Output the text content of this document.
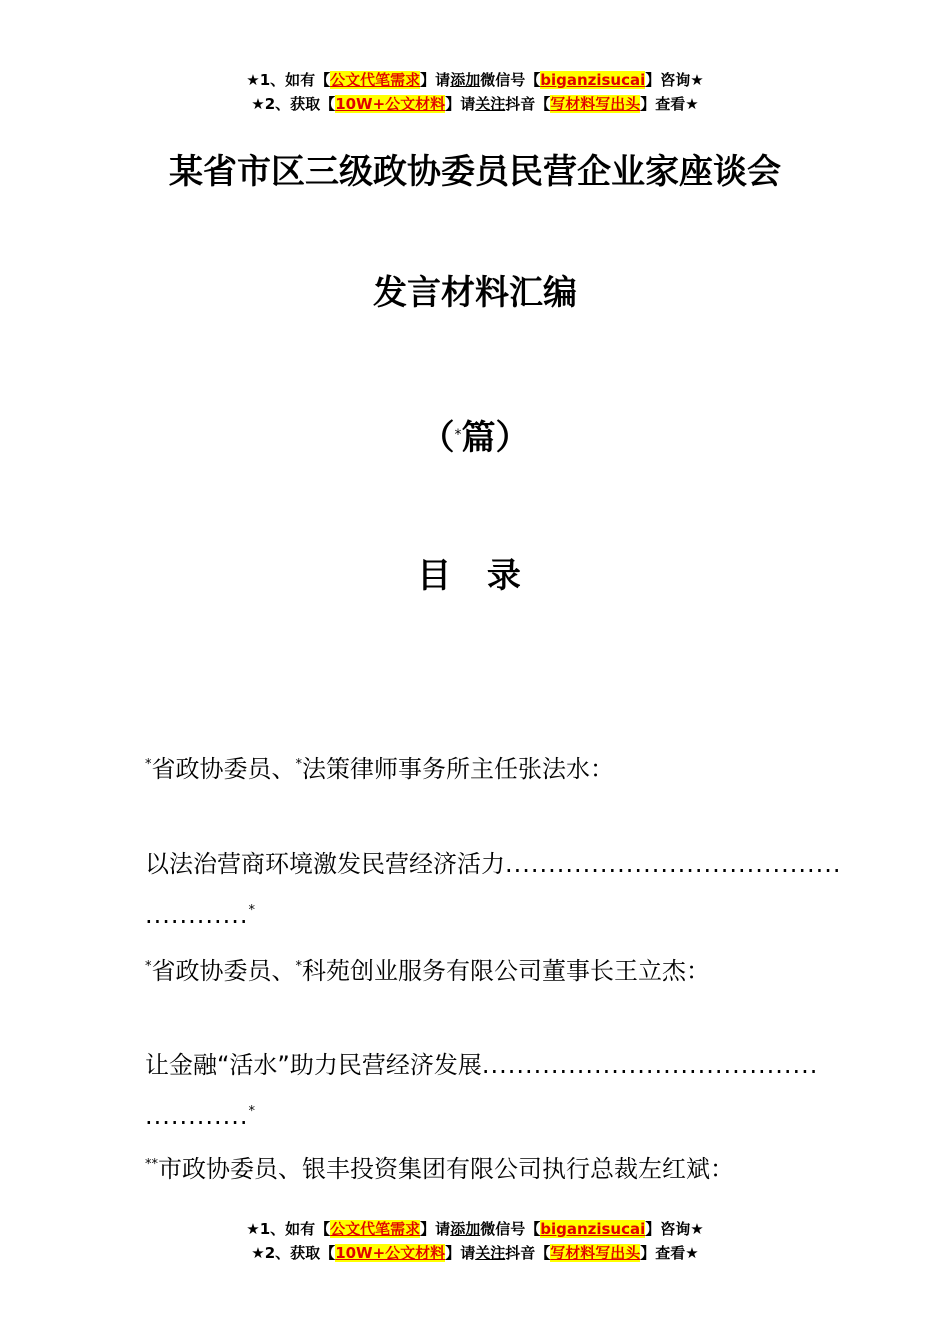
★1、如有【公文代笔需求】请添加微信号【biganzisucai】咨询★
★2、获取【10W+公文材料】请关注抖音【写材料写出头】查看★
某省市区三级政协委员民营企业家座谈会
发言材料汇编
（*篇）
目 录
*省政协委员、*法策律师事务所主任张法水：
以法治营商环境激发民营经济活力.......................................
............*
*省政协委员、*科苑创业服务有限公司董事长王立杰：
让金融“活水”助力民营经济发展.......................................
............*
**市政协委员、银丰投资集团有限公司执行总裁左红斌：
★1、如有【公文代笔需求】请添加微信号【biganzisucai】咨询★
★2、获取【10W+公文材料】请关注抖音【写材料写出头】查看★
